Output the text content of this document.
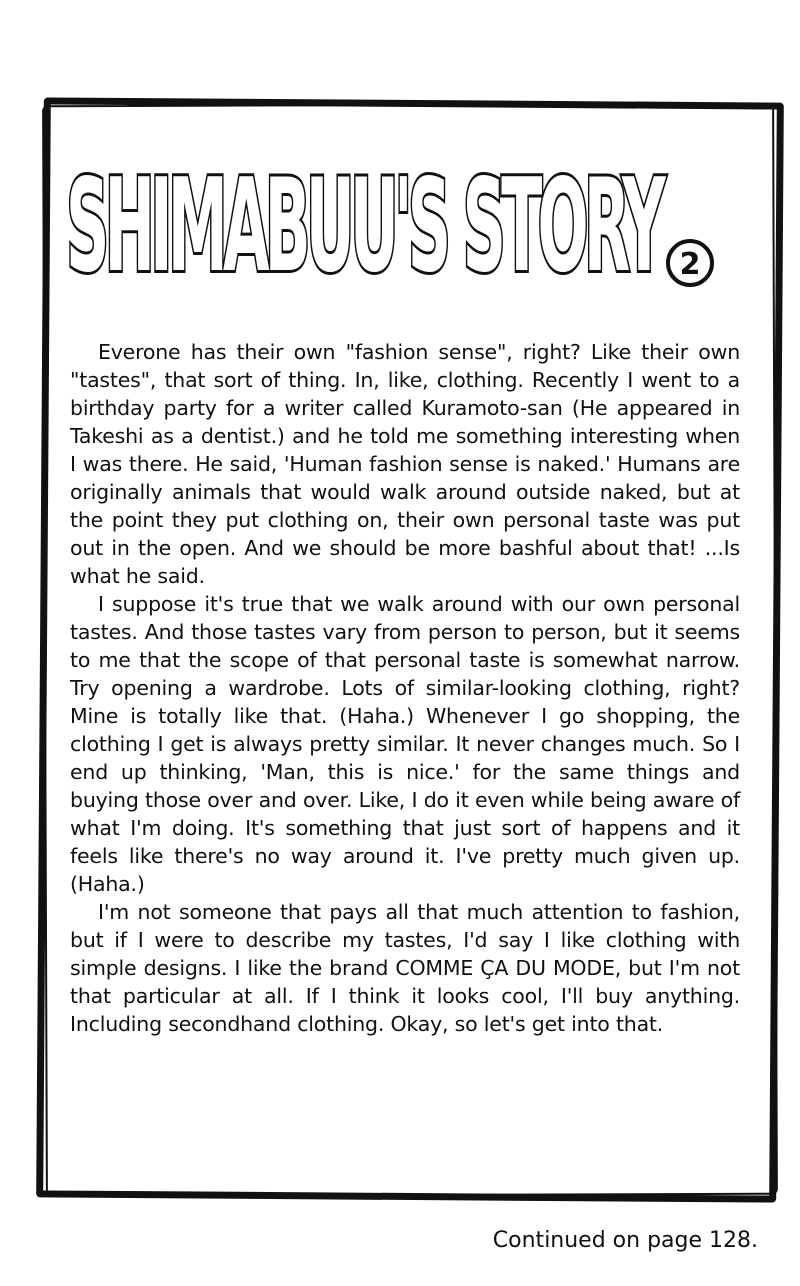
SHIMABUU'S STORY 2

Everone has their own "fashion sense", right? Like their own "tastes", that sort of thing. In, like, clothing. Recently I went to a birthday party for a writer called Kuramoto-san (He appeared in Takeshi as a dentist.) and he told me something interesting when I was there. He said, 'Human fashion sense is naked.' Humans are originally animals that would walk around outside naked, but at the point they put clothing on, their own personal taste was put out in the open. And we should be more bashful about that! ...Is what he said.

I suppose it's true that we walk around with our own personal tastes. And those tastes vary from person to person, but it seems to me that the scope of that personal taste is somewhat narrow. Try opening a wardrobe. Lots of similar-looking clothing, right? Mine is totally like that. (Haha.) Whenever I go shopping, the clothing I get is always pretty similar. It never changes much. So I end up thinking, 'Man, this is nice.' for the same things and buying those over and over. Like, I do it even while being aware of what I'm doing. It's something that just sort of happens and it feels like there's no way around it. I've pretty much given up. (Haha.)

I'm not someone that pays all that much attention to fashion, but if I were to describe my tastes, I'd say I like clothing with simple designs. I like the brand COMME ÇA DU MODE, but I'm not that particular at all. If I think it looks cool, I'll buy anything. Including secondhand clothing. Okay, so let's get into that.

Continued on page 128.
